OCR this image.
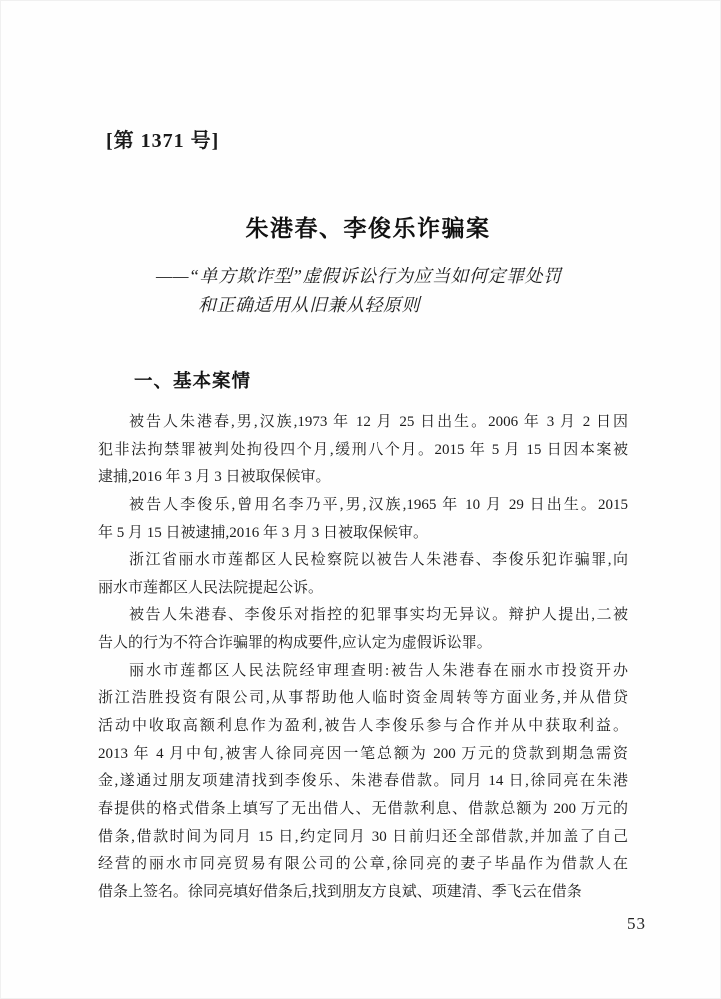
[第 1371 号]
朱港春、李俊乐诈骗案
——“单方欺诈型”虚假诉讼行为应当如何定罪处罚
和正确适用从旧兼从轻原则
一、基本案情
被告人朱港春,男,汉族,1973 年 12 月 25 日出生。2006 年 3 月 2 日因
犯非法拘禁罪被判处拘役四个月,缓刑八个月。2015 年 5 月 15 日因本案被
逮捕,2016 年 3 月 3 日被取保候审。
被告人李俊乐,曾用名李乃平,男,汉族,1965 年 10 月 29 日出生。2015
年 5 月 15 日被逮捕,2016 年 3 月 3 日被取保候审。
浙江省丽水市莲都区人民检察院以被告人朱港春、李俊乐犯诈骗罪,向
丽水市莲都区人民法院提起公诉。
被告人朱港春、李俊乐对指控的犯罪事实均无异议。辩护人提出,二被
告人的行为不符合诈骗罪的构成要件,应认定为虚假诉讼罪。
丽水市莲都区人民法院经审理查明:被告人朱港春在丽水市投资开办
浙江浩胜投资有限公司,从事帮助他人临时资金周转等方面业务,并从借贷
活动中收取高额利息作为盈利,被告人李俊乐参与合作并从中获取利益。
2013 年 4 月中旬,被害人徐同亮因一笔总额为 200 万元的贷款到期急需资
金,遂通过朋友项建清找到李俊乐、朱港春借款。同月 14 日,徐同亮在朱港
春提供的格式借条上填写了无出借人、无借款利息、借款总额为 200 万元的
借条,借款时间为同月 15 日,约定同月 30 日前归还全部借款,并加盖了自己
经营的丽水市同亮贸易有限公司的公章,徐同亮的妻子毕晶作为借款人在
借条上签名。徐同亮填好借条后,找到朋友方良斌、项建清、季飞云在借条
53
